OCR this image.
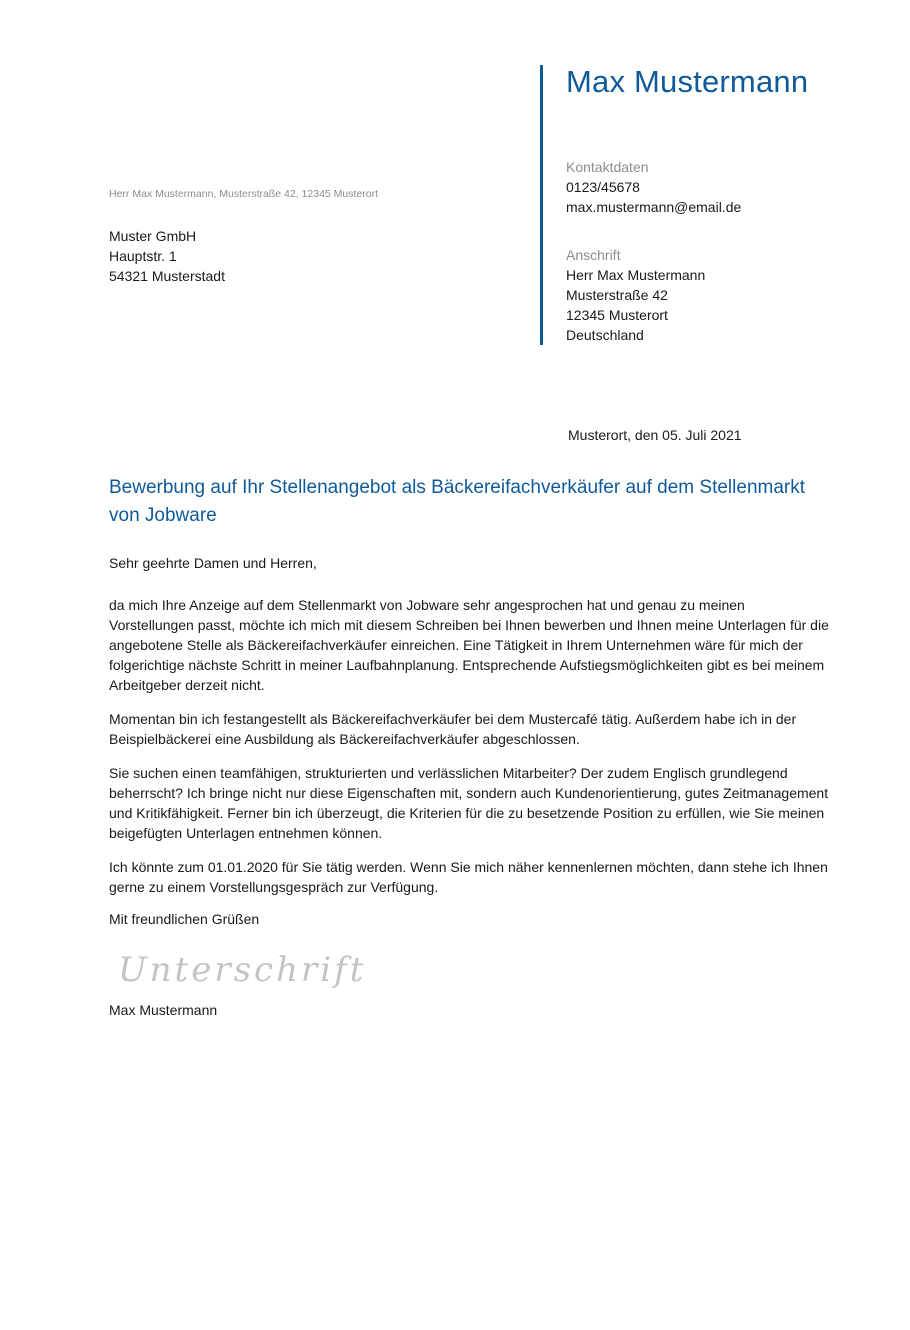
Max Mustermann
Kontaktdaten
0123/45678
max.mustermann@email.de
Anschrift
Herr Max Mustermann
Musterstraße 42
12345 Musterort
Deutschland
Herr Max Mustermann, Musterstraße 42, 12345 Musterort
Muster GmbH
Hauptstr. 1
54321 Musterstadt
Musterort, den 05. Juli 2021
Bewerbung auf Ihr Stellenangebot als Bäckereifachverkäufer auf dem Stellenmarkt von Jobware
Sehr geehrte Damen und Herren,

da mich Ihre Anzeige auf dem Stellenmarkt von Jobware sehr angesprochen hat und genau zu meinen Vorstellungen passt, möchte ich mich mit diesem Schreiben bei Ihnen bewerben und Ihnen meine Unterlagen für die angebotene Stelle als Bäckereifachverkäufer einreichen. Eine Tätigkeit in Ihrem Unternehmen wäre für mich der folgerichtige nächste Schritt in meiner Laufbahnplanung. Entsprechende Aufstiegsmöglichkeiten gibt es bei meinem Arbeitgeber derzeit nicht.

Momentan bin ich festangestellt als Bäckereifachverkäufer bei dem Mustercafé tätig. Außerdem habe ich in der Beispielbäckerei eine Ausbildung als Bäckereifachverkäufer abgeschlossen.

Sie suchen einen teamfähigen, strukturierten und verlässlichen Mitarbeiter? Der zudem Englisch grundlegend beherrscht? Ich bringe nicht nur diese Eigenschaften mit, sondern auch Kundenorientierung, gutes Zeitmanagement und Kritikfähigkeit. Ferner bin ich überzeugt, die Kriterien für die zu besetzende Position zu erfüllen, wie Sie meinen beigefügten Unterlagen entnehmen können.

Ich könnte zum 01.01.2020 für Sie tätig werden. Wenn Sie mich näher kennenlernen möchten, dann stehe ich Ihnen gerne zu einem Vorstellungsgespräch zur Verfügung.

Mit freundlichen Grüßen
Unterschrift
Max Mustermann
